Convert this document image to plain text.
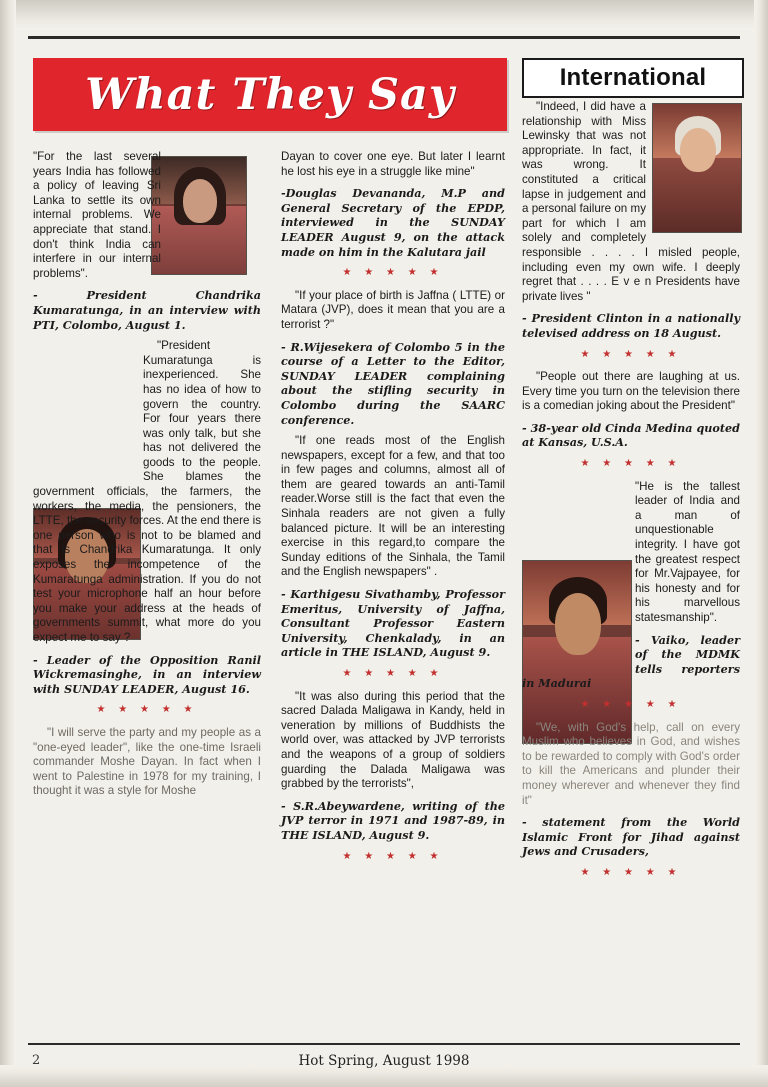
What They Say	International

"For the last several years India has followed a policy of leaving Sri Lanka to settle its own internal problems. We appreciate that stand. I don't think India can interfere in our internal problems".

- President Chandrika Kumaratunga, in an interview with PTI, Colombo, August 1.

"President Kumaratunga is inexperienced. She has no idea of how to govern the country. For four years there was only talk, but she has not delivered the goods to the people. She blames the government officials, the farmers, the workers, the media, the pensioners, the LTTE, the security forces. At the end there is one person who is not to be blamed and that is Chandrika Kumaratunga. It only exposes the incompetence of the Kumaratunga administration. If you do not test your microphone half an hour before you make your address at the heads of governments summit, what more do you expect me to say ?

- Leader of the Opposition Ranil Wickremasinghe, in an interview with SUNDAY LEADER, August 16.

★ ★ ★ ★ ★

"I will serve the party and my people as a "one-eyed leader", like the one-time Israeli commander Moshe Dayan. In fact when I went to Palestine in 1978 for my training, I thought it was a style for Moshe

Dayan to cover one eye. But later I learnt he lost his eye in a struggle like mine"

-Douglas Devananda, M.P and General Secretary of the EPDP, interviewed in the SUNDAY LEADER August 9, on the attack made on him in the Kalutara jail

★ ★ ★ ★ ★

"If your place of birth is Jaffna ( LTTE) or Matara (JVP), does it mean that you are a terrorist ?"

- R.Wijesekera of Colombo 5 in the course of a Letter to the Editor, SUNDAY LEADER complaining about the stifling security in Colombo during the SAARC conference.

"If one reads most of the English newspapers, except for a few, and that too in few pages and columns, almost all of them are geared towards an anti-Tamil reader.Worse still is the fact that even the Sinhala readers are not given a fully balanced picture. It will be an interesting exercise in this regard,to compare the Sunday editions of the Sinhala, the Tamil and the English newspapers" .

- Karthigesu Sivathamby, Professor Emeritus, University of Jaffna, Consultant Professor Eastern University, Chenkalady, in an article in THE ISLAND, August 9.

★ ★ ★ ★ ★

"It was also during this period that the sacred Dalada Maligawa in Kandy, held in veneration by millions of Buddhists the world over, was attacked by JVP terrorists and the weapons of a group of soldiers guarding the Dalada Maligawa was grabbed by the terrorists",

- S.R.Abeywardene, writing of the JVP terror in 1971 and 1987-89, in THE ISLAND, August 9.

★ ★ ★ ★ ★

"Indeed, I did have a relationship with Miss Lewinsky that was not appropriate. In fact, it was wrong. It constituted a critical lapse in judgement and a personal failure on my part for which I am solely and completely responsible . . . . I misled people, including even my own wife. I deeply regret that . . . . E v e n Presidents have private lives "

- President Clinton in a nationally televised address on 18 August.

★ ★ ★ ★ ★

"People out there are laughing at us. Every time you turn on the television there is a comedian joking about the President"

- 38-year old Cinda Medina quoted at Kansas, U.S.A.

★ ★ ★ ★ ★

"He is the tallest leader of India and a man of unquestionable integrity. I have got the greatest respect for Mr.Vajpayee, for his honesty and for his marvellous statesmanship".

- Vaiko, leader of the MDMK tells reporters in Madurai

★ ★ ★ ★ ★

"We, with God's help, call on every Muslim who believes in God, and wishes to be rewarded to comply with God's order to kill the Americans and plunder their money wherever and whenever they find it"

- statement from the World Islamic Front for Jihad against Jews and Crusaders,

★ ★ ★ ★ ★
2	Hot Spring, August 1998
